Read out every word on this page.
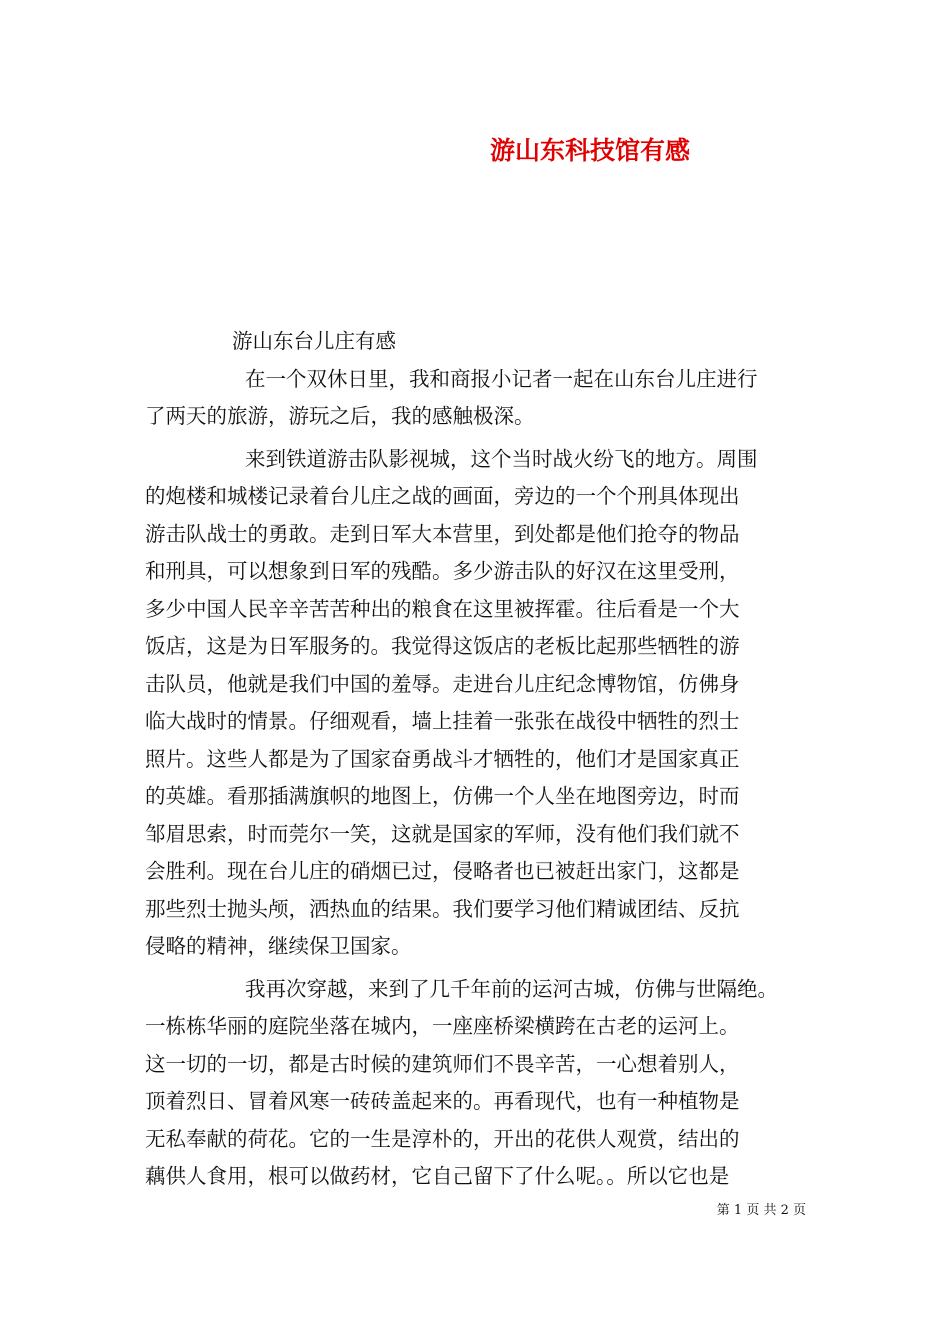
游山东科技馆有感
游山东台儿庄有感
在一个双休日里，我和商报小记者一起在山东台儿庄进行
了两天的旅游，游玩之后，我的感触极深。
来到铁道游击队影视城，这个当时战火纷飞的地方。周围
的炮楼和城楼记录着台儿庄之战的画面，旁边的一个个刑具体现出
游击队战士的勇敢。走到日军大本营里，到处都是他们抢夺的物品
和刑具，可以想象到日军的残酷。多少游击队的好汉在这里受刑，
多少中国人民辛辛苦苦种出的粮食在这里被挥霍。往后看是一个大
饭店，这是为日军服务的。我觉得这饭店的老板比起那些牺牲的游
击队员，他就是我们中国的羞辱。走进台儿庄纪念博物馆，仿佛身
临大战时的情景。仔细观看，墙上挂着一张张在战役中牺牲的烈士
照片。这些人都是为了国家奋勇战斗才牺牲的，他们才是国家真正
的英雄。看那插满旗帜的地图上，仿佛一个人坐在地图旁边，时而
邹眉思索，时而莞尔一笑，这就是国家的军师，没有他们我们就不
会胜利。现在台儿庄的硝烟已过，侵略者也已被赶出家门，这都是
那些烈士抛头颅，洒热血的结果。我们要学习他们精诚团结、反抗
侵略的精神，继续保卫国家。
我再次穿越，来到了几千年前的运河古城，仿佛与世隔绝。
一栋栋华丽的庭院坐落在城内，一座座桥梁横跨在古老的运河上。
这一切的一切，都是古时候的建筑师们不畏辛苦，一心想着别人，
顶着烈日、冒着风寒一砖砖盖起来的。再看现代，也有一种植物是
无私奉献的荷花。它的一生是淳朴的，开出的花供人观赏，结出的
藕供人食用，根可以做药材，它自己留下了什么呢。。所以它也是
第 1 页 共 2 页
